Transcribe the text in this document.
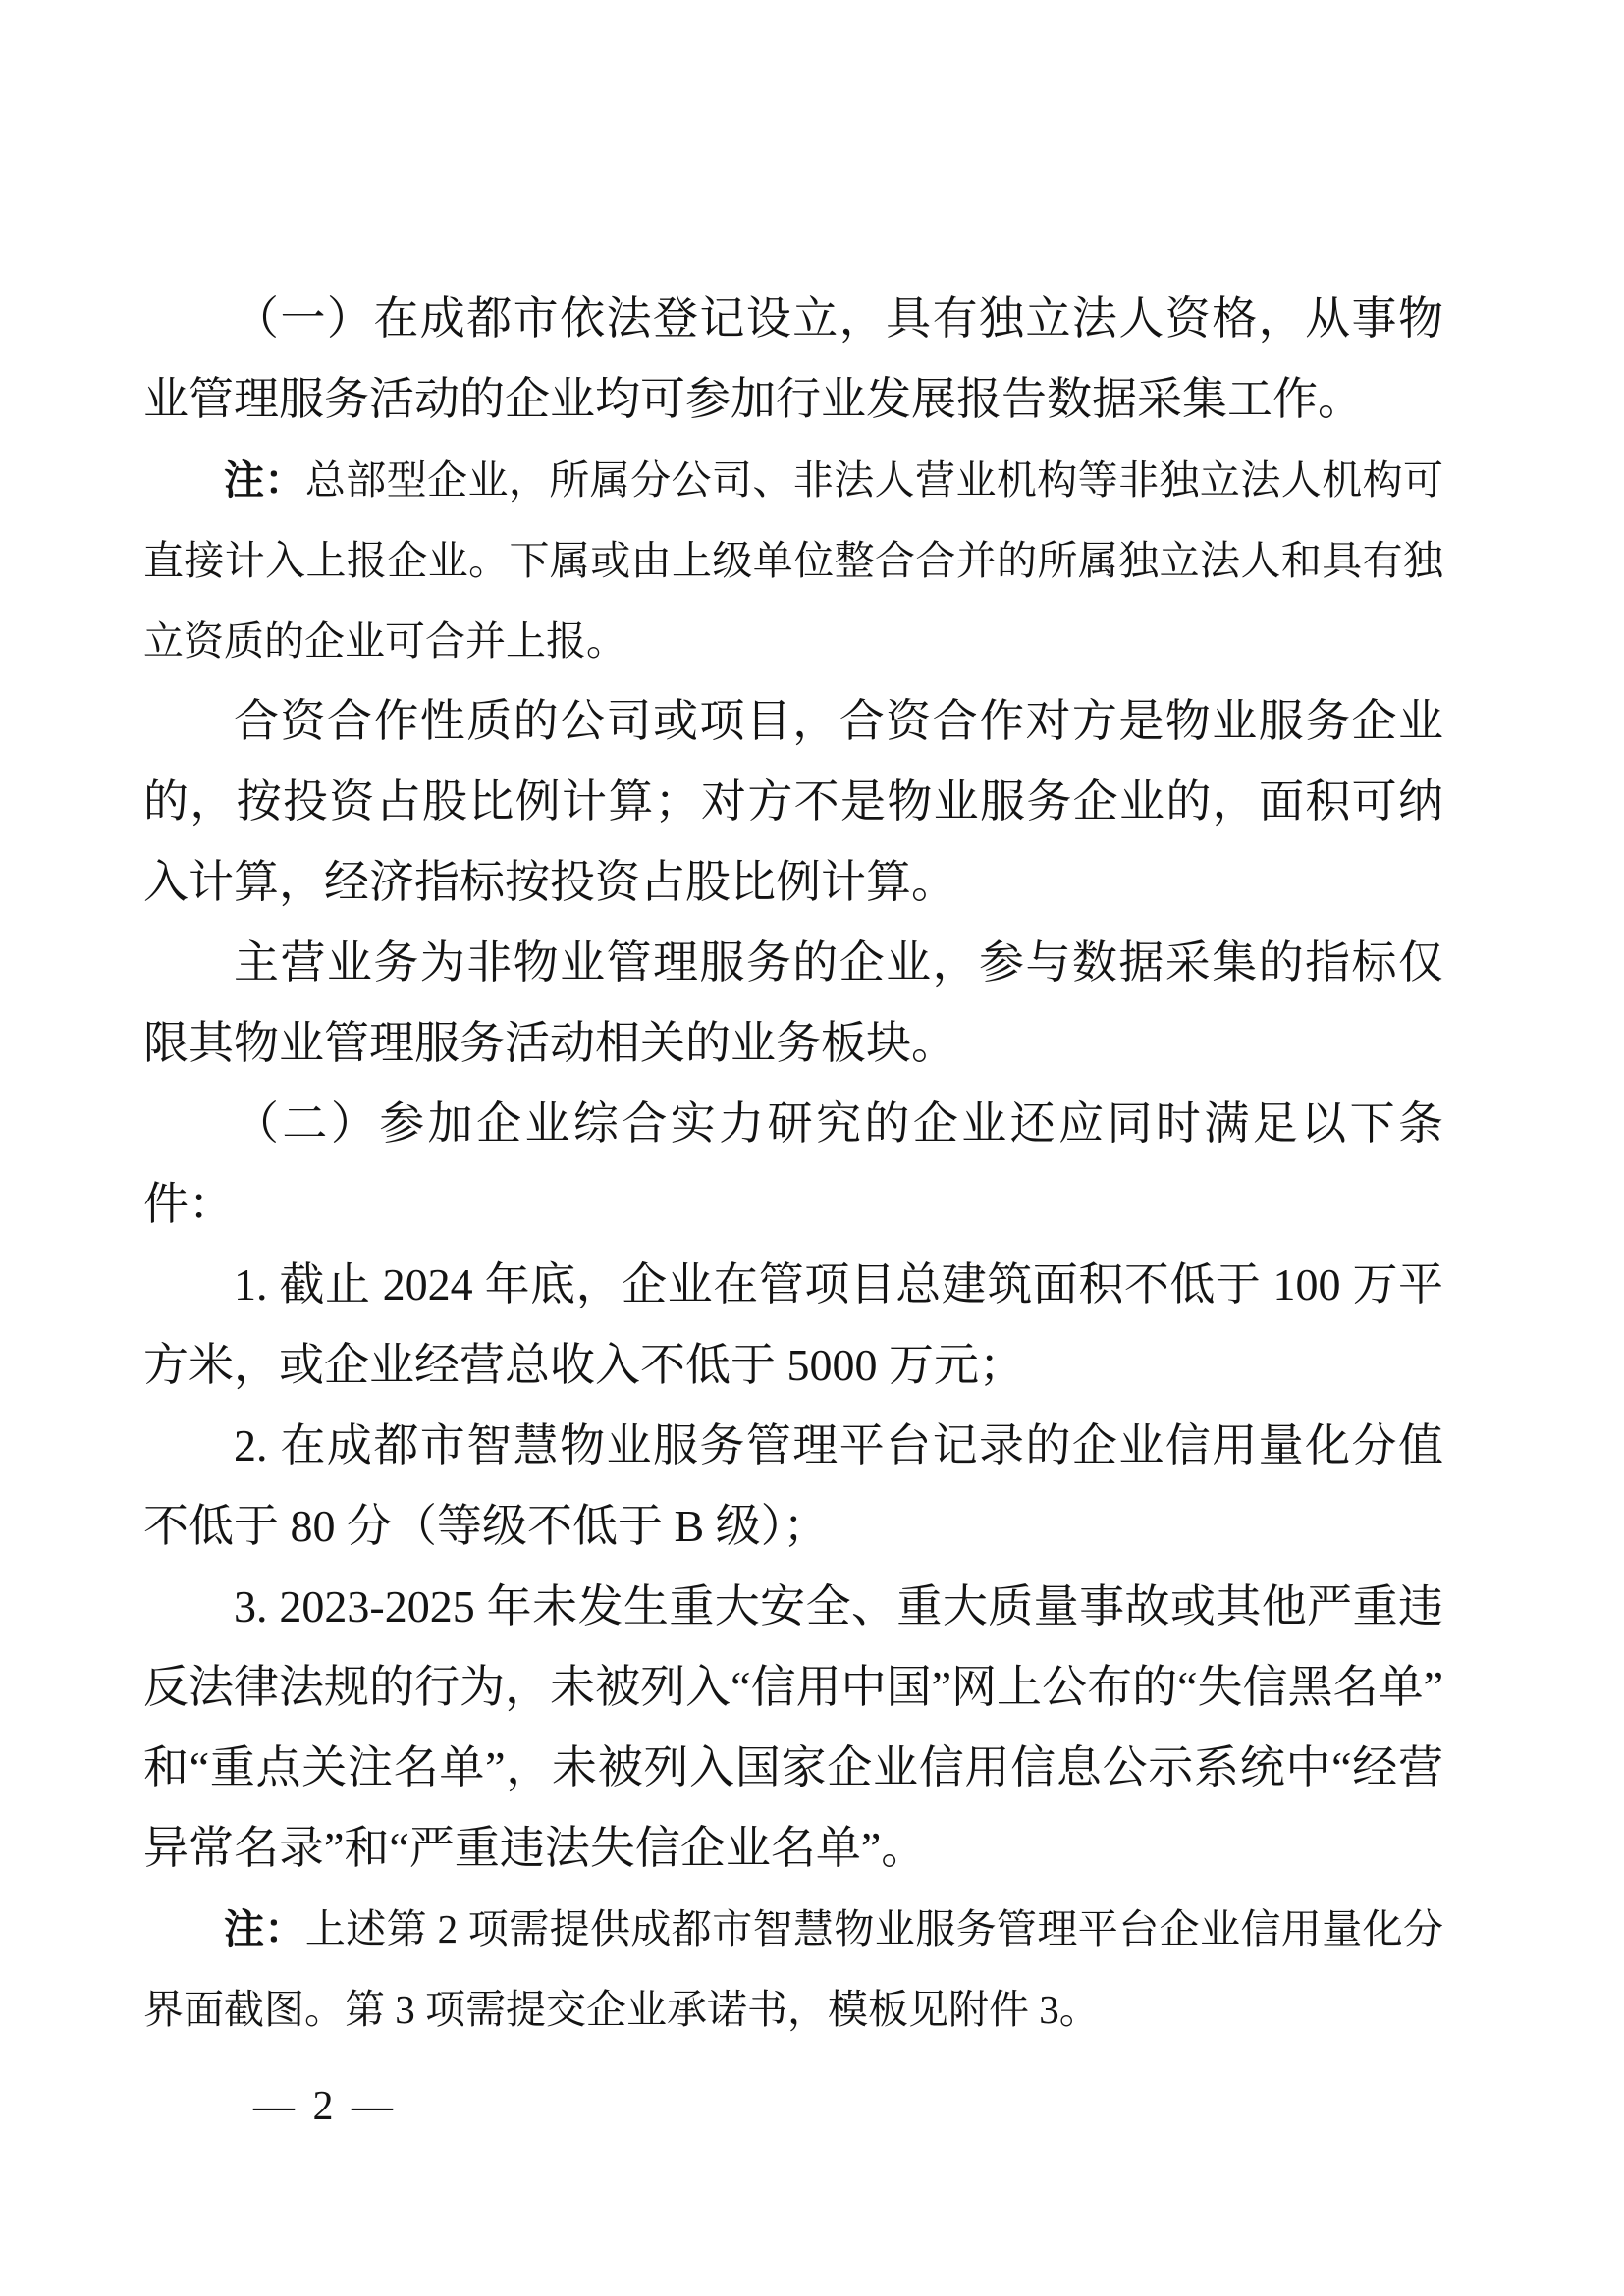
（一）在成都市依法登记设立，具有独立法人资格，从事物业管理服务活动的企业均可参加行业发展报告数据采集工作。

注：总部型企业，所属分公司、非法人营业机构等非独立法人机构可直接计入上报企业。下属或由上级单位整合合并的所属独立法人和具有独立资质的企业可合并上报。

合资合作性质的公司或项目，合资合作对方是物业服务企业的，按投资占股比例计算；对方不是物业服务企业的，面积可纳入计算，经济指标按投资占股比例计算。

主营业务为非物业管理服务的企业，参与数据采集的指标仅限其物业管理服务活动相关的业务板块。

（二）参加企业综合实力研究的企业还应同时满足以下条件：

1. 截止 2024 年底，企业在管项目总建筑面积不低于 100 万平方米，或企业经营总收入不低于 5000 万元；

2. 在成都市智慧物业服务管理平台记录的企业信用量化分值不低于 80 分（等级不低于 B 级）；

3. 2023-2025 年未发生重大安全、重大质量事故或其他严重违反法律法规的行为，未被列入“信用中国”网上公布的“失信黑名单”和“重点关注名单”，未被列入国家企业信用信息公示系统中“经营异常名录”和“严重违法失信企业名单”。

注：上述第 2 项需提供成都市智慧物业服务管理平台企业信用量化分界面截图。第 3 项需提交企业承诺书，模板见附件 3。

— 2 —
